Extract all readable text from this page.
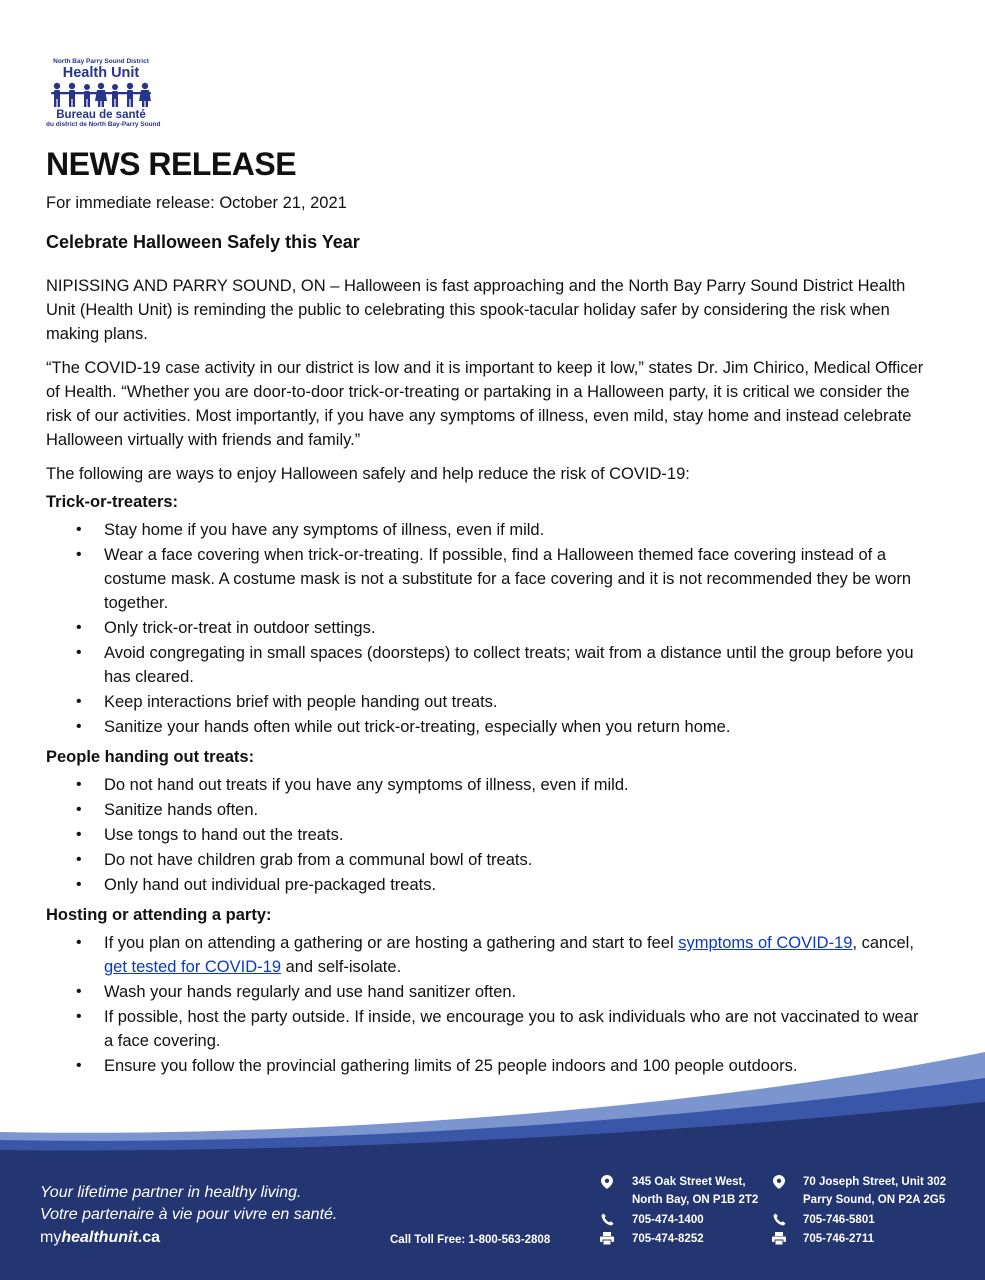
North Bay Parry Sound District
Health Unit
Bureau de santé
du district de North Bay-Parry Sound
NEWS RELEASE
For immediate release: October 21, 2021
Celebrate Halloween Safely this Year

NIPISSING AND PARRY SOUND, ON – Halloween is fast approaching and the North Bay Parry Sound District Health Unit (Health Unit) is reminding the public to celebrating this spook-tacular holiday safer by considering the risk when making plans.

“The COVID-19 case activity in our district is low and it is important to keep it low,” states Dr. Jim Chirico, Medical Officer of Health. “Whether you are door-to-door trick-or-treating or partaking in a Halloween party, it is critical we consider the risk of our activities. Most importantly, if you have any symptoms of illness, even mild, stay home and instead celebrate Halloween virtually with friends and family.”

The following are ways to enjoy Halloween safely and help reduce the risk of COVID-19:

Trick-or-treaters:
• Stay home if you have any symptoms of illness, even if mild.
• Wear a face covering when trick-or-treating. If possible, find a Halloween themed face covering instead of a costume mask. A costume mask is not a substitute for a face covering and it is not recommended they be worn together.
• Only trick-or-treat in outdoor settings.
• Avoid congregating in small spaces (doorsteps) to collect treats; wait from a distance until the group before you has cleared.
• Keep interactions brief with people handing out treats.
• Sanitize your hands often while out trick-or-treating, especially when you return home.
People handing out treats:
• Do not hand out treats if you have any symptoms of illness, even if mild.
• Sanitize hands often.
• Use tongs to hand out the treats.
• Do not have children grab from a communal bowl of treats.
• Only hand out individual pre-packaged treats.
Hosting or attending a party:
• If you plan on attending a gathering or are hosting a gathering and start to feel symptoms of COVID-19, cancel, get tested for COVID-19 and self-isolate.
• Wash your hands regularly and use hand sanitizer often.
• If possible, host the party outside. If inside, we encourage you to ask individuals who are not vaccinated to wear a face covering.
• Ensure you follow the provincial gathering limits of 25 people indoors and 100 people outdoors.
Your lifetime partner in healthy living.
Votre partenaire à vie pour vivre en santé.
myhealthunit.ca	Call Toll Free: 1-800-563-2808
345 Oak Street West,
North Bay, ON P1B 2T2
705-474-1400
705-474-8252
70 Joseph Street, Unit 302
Parry Sound, ON P2A 2G5
705-746-5801
705-746-2711
